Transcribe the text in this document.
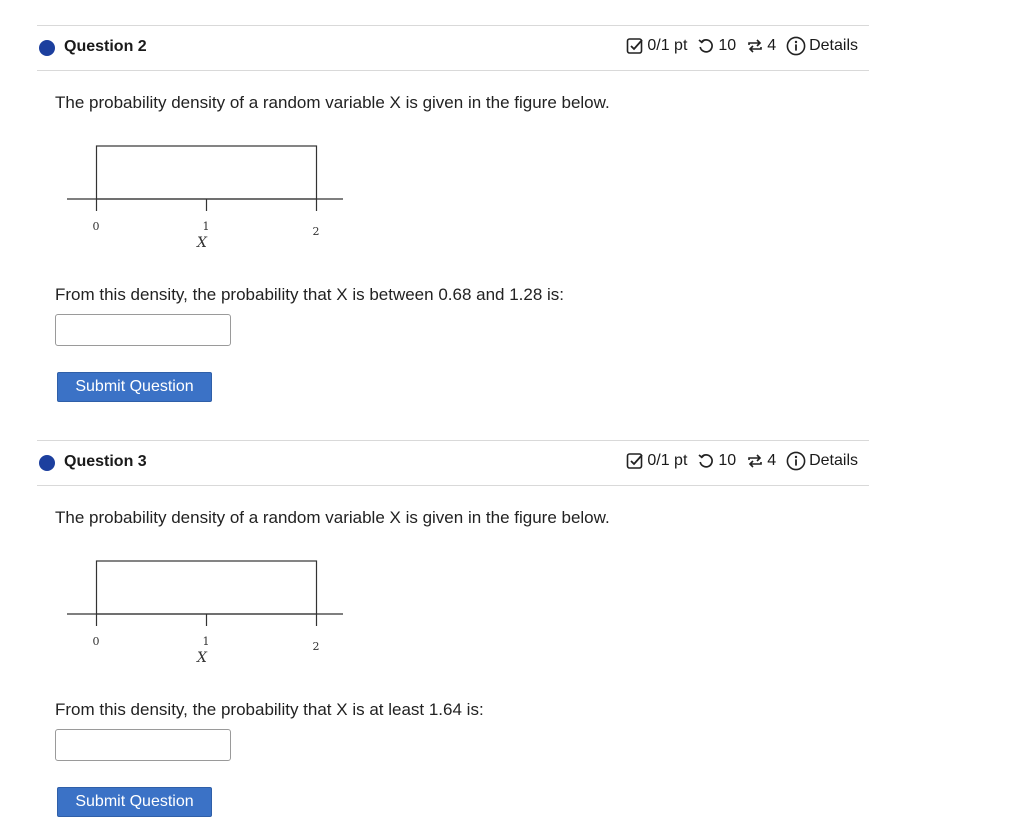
Question 2	0/1 pt 10 4 Details
The probability density of a random variable X is given in the figure below.
0	1	2
X
From this density, the probability that X is between 0.68 and 1.28 is:
Submit Question
Question 3	0/1 pt 10 4 Details
The probability density of a random variable X is given in the figure below.
0	1	2
X
From this density, the probability that X is at least 1.64 is:
Submit Question
